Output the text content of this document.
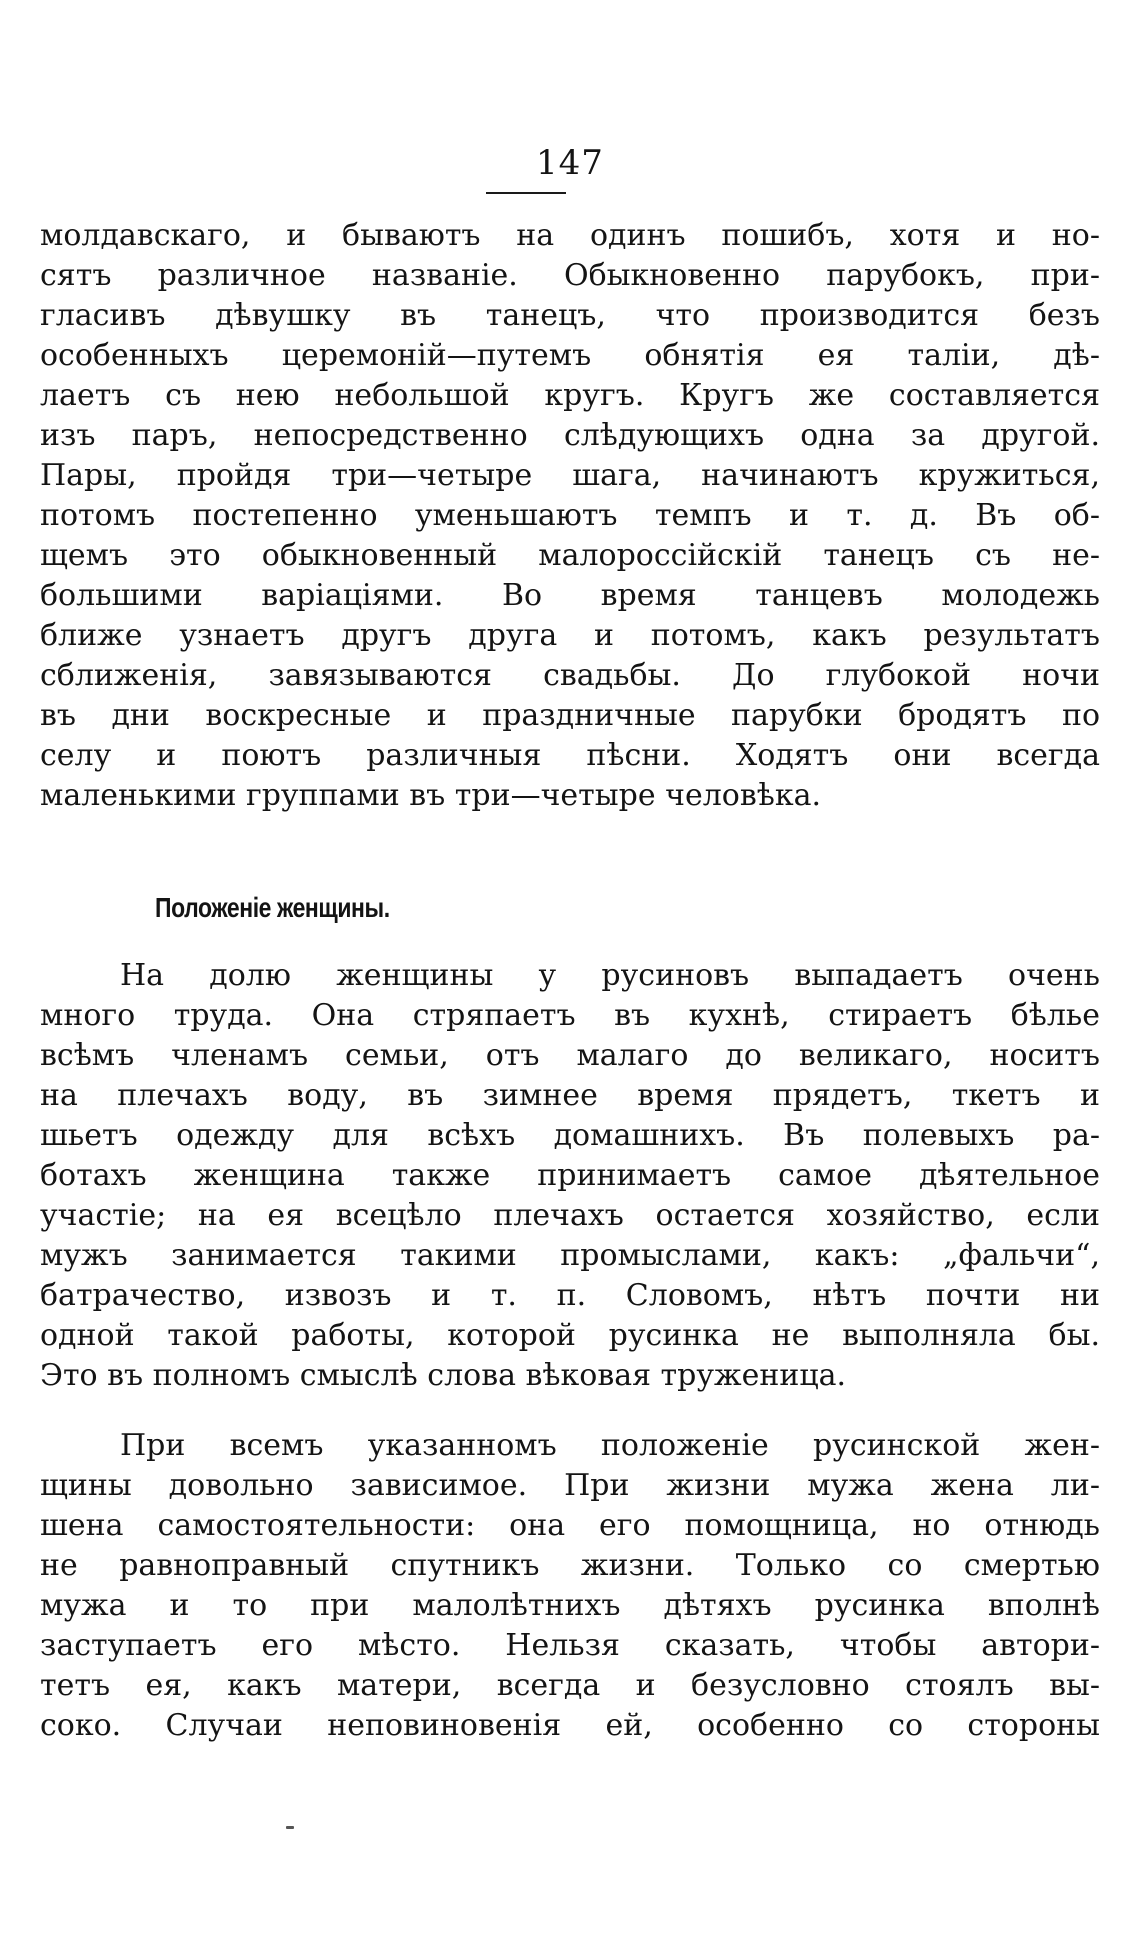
147

молдавскаго, и бываютъ на одинъ пошибъ, хотя и но-
сятъ различное названіе. Обыкновенно парубокъ, при-
гласивъ дѣвушку въ танецъ, что производится безъ
особенныхъ церемоній—путемъ обнятія ея таліи, дѣ-
лаетъ съ нею небольшой кругъ. Кругъ же составляется
изъ паръ, непосредственно слѣдующихъ одна за другой.
Пары, пройдя три—четыре шага, начинаютъ кружиться,
потомъ постепенно уменьшаютъ темпъ и т. д. Въ об-
щемъ это обыкновенный малороссійскій танецъ съ не-
большими варіаціями. Во время танцевъ молодежь
ближе узнаетъ другъ друга и потомъ, какъ результатъ
сближенія, завязываются свадьбы. До глубокой ночи
въ дни воскресные и праздничные парубки бродятъ по
селу и поютъ различныя пѣсни. Ходятъ они всегда
маленькими группами въ три—четыре человѣка.

Положеніе женщины.

На долю женщины у русиновъ выпадаетъ очень
много труда. Она стряпаетъ въ кухнѣ, стираетъ бѣлье
всѣмъ членамъ семьи, отъ малаго до великаго, носитъ
на плечахъ воду, въ зимнее время прядетъ, ткетъ и
шьетъ одежду для всѣхъ домашнихъ. Въ полевыхъ ра-
ботахъ женщина также принимаетъ самое дѣятельное
участіе; на ея всецѣло плечахъ остается хозяйство, если
мужъ занимается такими промыслами, какъ: „фальчи“,
батрачество, извозъ и т. п. Словомъ, нѣтъ почти ни
одной такой работы, которой русинка не выполняла бы.
Это въ полномъ смыслѣ слова вѣковая труженица.

При всемъ указанномъ положеніе русинской жен-
щины довольно зависимое. При жизни мужа жена ли-
шена самостоятельности: она его помощница, но отнюдь
не равноправный спутникъ жизни. Только со смертью
мужа и то при малолѣтнихъ дѣтяхъ русинка вполнѣ
заступаетъ его мѣсто. Нельзя сказать, чтобы автори-
тетъ ея, какъ матери, всегда и безусловно стоялъ вы-
соко. Случаи неповиновенія ей, особенно со стороны
